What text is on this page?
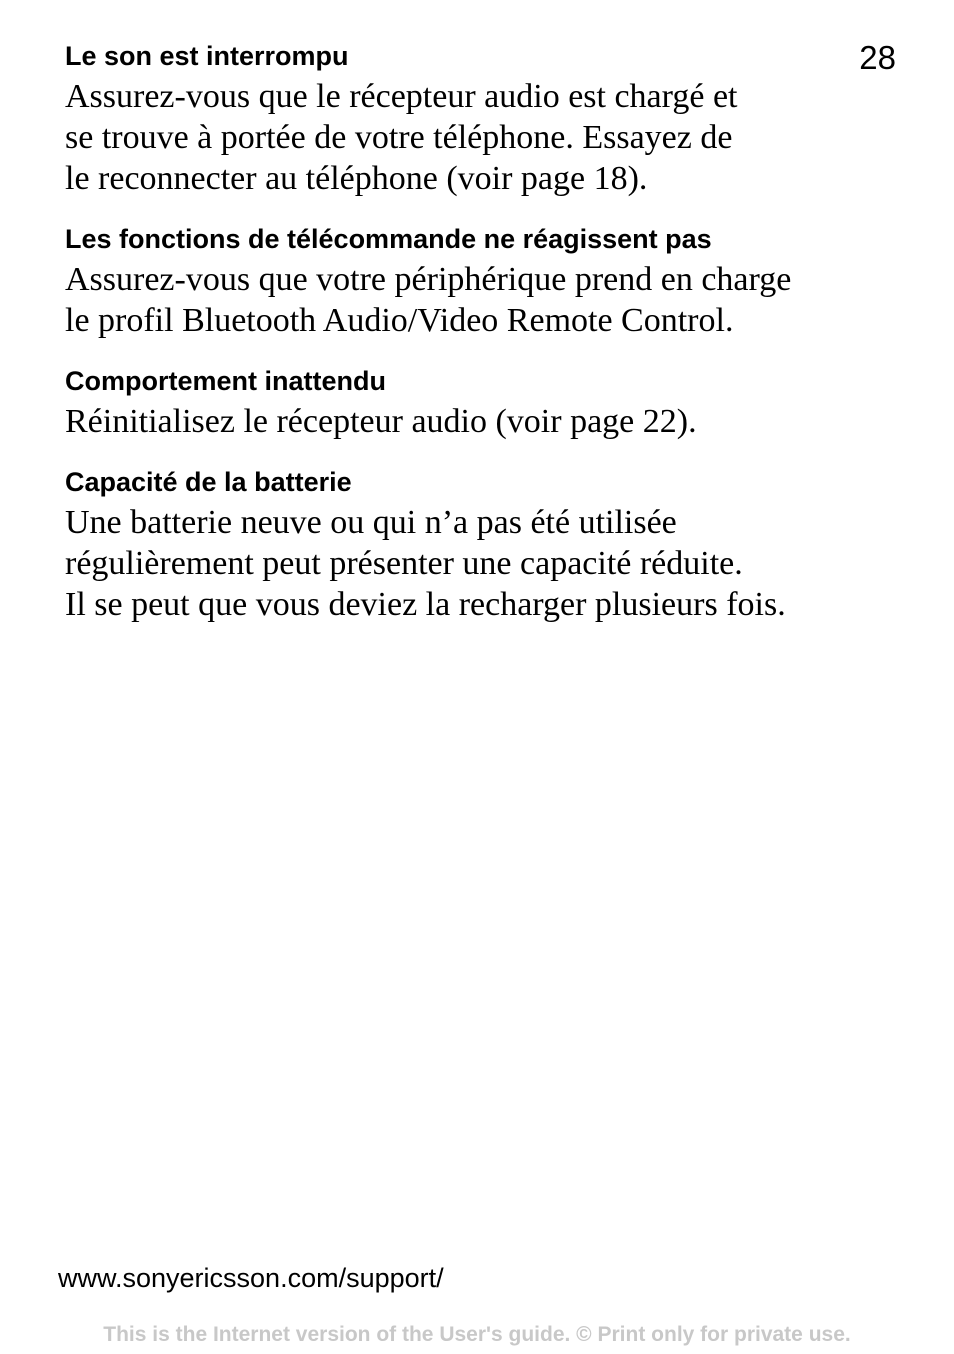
28
Le son est interrompu

Assurez-vous que le récepteur audio est chargé et

se trouve à portée de votre téléphone. Essayez de

le reconnecter au téléphone (voir page 18).

Les fonctions de télécommande ne réagissent pas

Assurez-vous que votre périphérique prend en charge

le profil Bluetooth Audio/Video Remote Control.

Comportement inattendu

Réinitialisez le récepteur audio (voir page 22).

Capacité de la batterie

Une batterie neuve ou qui n’a pas été utilisée

régulièrement peut présenter une capacité réduite.

Il se peut que vous deviez la recharger plusieurs fois.

www.sonyericsson.com/support/
This is the Internet version of the User's guide. © Print only for private use.
